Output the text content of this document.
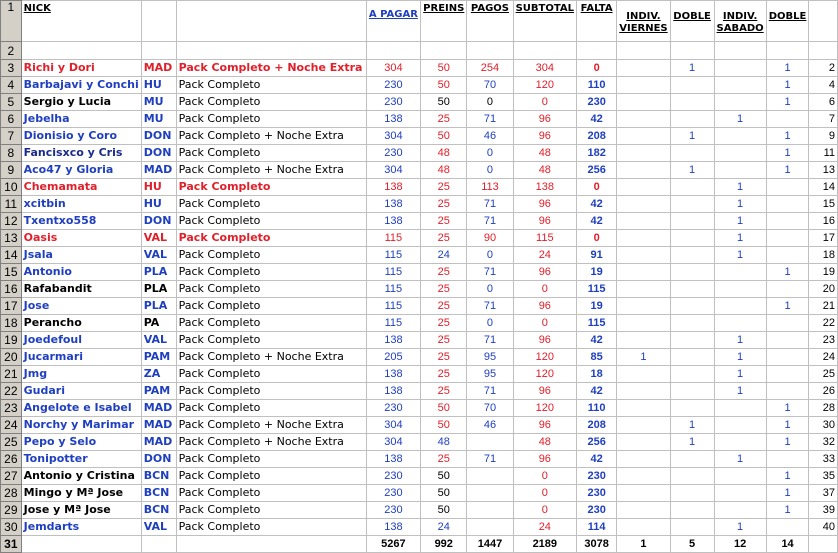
1	NICK			A PAGAR	PREINS	PAGOS	SUBTOTAL	FALTA	INDIV. VIERNES	DOBLE	INDIV. SABADO	DOBLE	
2													
3	Richi y Dori	MAD	Pack Completo + Noche Extra	304	50	254	304	0		1		1	2
4	Barbajavi y Conchi	HU	Pack Completo	230	50	70	120	110				1	4
5	Sergio y Lucia	MU	Pack Completo	230	50	0	0	230				1	6
6	Jebelha	MU	Pack Completo	138	25	71	96	42			1		7
7	Dionisio y Coro	DON	Pack Completo + Noche Extra	304	50	46	96	208		1		1	9
8	Fancisxco y Cris	DON	Pack Completo	230	48	0	48	182				1	11
9	Aco47 y Gloria	MAD	Pack Completo + Noche Extra	304	48	0	48	256		1		1	13
10	Chemamata	HU	Pack Completo	138	25	113	138	0			1		14
11	xcitbin	HU	Pack Completo	138	25	71	96	42			1		15
12	Txentxo558	DON	Pack Completo	138	25	71	96	42			1		16
13	Oasis	VAL	Pack Completo	115	25	90	115	0			1		17
14	Jsala	VAL	Pack Completo	115	24	0	24	91			1		18
15	Antonio	PLA	Pack Completo	115	25	71	96	19				1	19
16	Rafabandit	PLA	Pack Completo	115	25	0	0	115					20
17	Jose	PLA	Pack Completo	115	25	71	96	19				1	21
18	Perancho	PA	Pack Completo	115	25	0	0	115					22
19	Joedefoul	VAL	Pack Completo	138	25	71	96	42			1		23
20	Jucarmari	PAM	Pack Completo + Noche Extra	205	25	95	120	85	1		1		24
21	Jmg	ZA	Pack Completo	138	25	95	120	18			1		25
22	Gudari	PAM	Pack Completo	138	25	71	96	42			1		26
23	Angelote e Isabel	MAD	Pack Completo	230	50	70	120	110				1	28
24	Norchy y Marimar	MAD	Pack Completo + Noche Extra	304	50	46	96	208		1		1	30
25	Pepo y Selo	MAD	Pack Completo + Noche Extra	304	48		48	256		1		1	32
26	Tonipotter	DON	Pack Completo	138	25	71	96	42			1		33
27	Antonio y Cristina	BCN	Pack Completo	230	50		0	230				1	35
28	Mingo y Mª Jose	BCN	Pack Completo	230	50		0	230				1	37
29	Jose y Mª Jose	BCN	Pack Completo	230	50		0	230				1	39
30	Jemdarts	VAL	Pack Completo	138	24		24	114			1		40
31				5267	992	1447	2189	3078	1	5	12	14	
